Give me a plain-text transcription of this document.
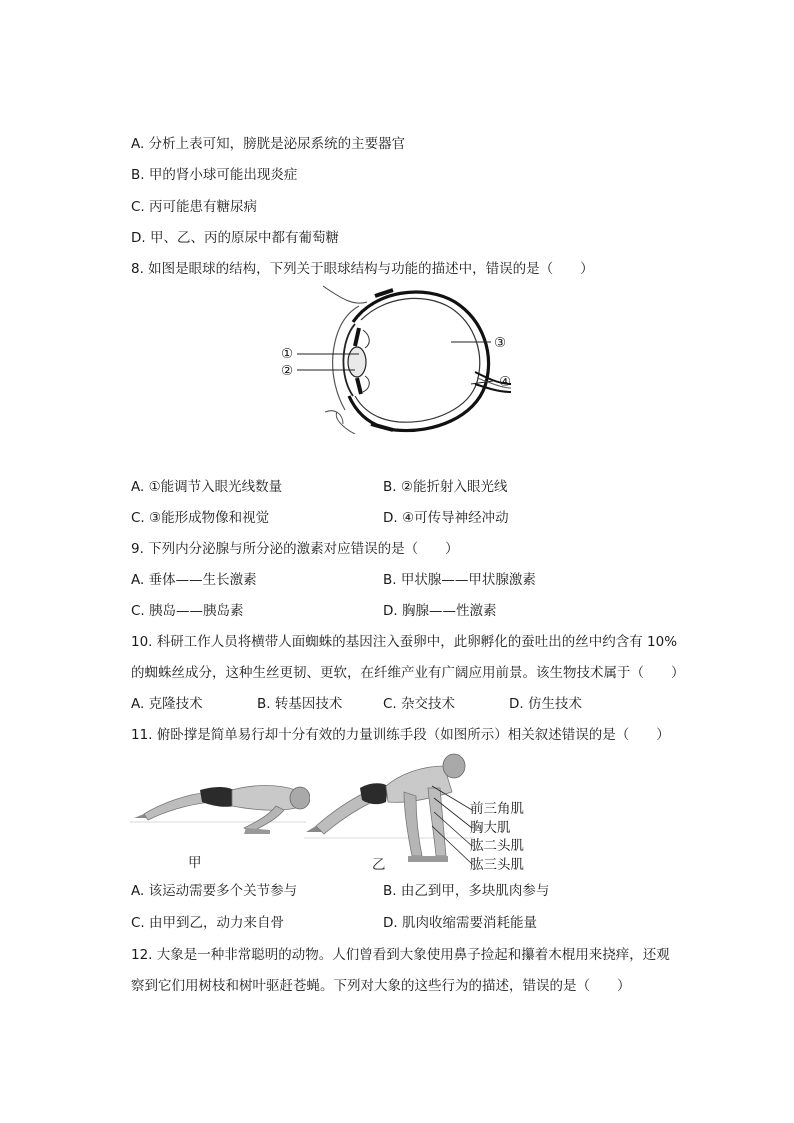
A. 分析上表可知，膀胱是泌尿系统的主要器官
B. 甲的肾小球可能出现炎症
C. 丙可能患有糖尿病
D. 甲、乙、丙的原尿中都有葡萄糖
8. 如图是眼球的结构，下列关于眼球结构与功能的描述中，错误的是（　　）
①
②
③
④
A. ①能调节入眼光线数量	B. ②能折射入眼光线
C. ③能形成物像和视觉	D. ④可传导神经冲动
9. 下列内分泌腺与所分泌的激素对应错误的是（　　）
A. 垂体——生长激素	B. 甲状腺——甲状腺激素
C. 胰岛——胰岛素	D. 胸腺——性激素
10. 科研工作人员将横带人面蜘蛛的基因注入蚕卵中，此卵孵化的蚕吐出的丝中约含有 10%
的蜘蛛丝成分，这种生丝更韧、更软，在纤维产业有广阔应用前景。该生物技术属于（　　）
A. 克隆技术	B. 转基因技术	C. 杂交技术	D. 仿生技术
11. 俯卧撑是简单易行却十分有效的力量训练手段（如图所示）相关叙述错误的是（　　）
前三角肌
胸大肌
肱二头肌
肱三头肌
甲	乙
A. 该运动需要多个关节参与	B. 由乙到甲，多块肌肉参与
C. 由甲到乙，动力来自骨	D. 肌肉收缩需要消耗能量
12. 大象是一种非常聪明的动物。人们曾看到大象使用鼻子捡起和攥着木棍用来挠痒，还观
察到它们用树枝和树叶驱赶苍蝇。下列对大象的这些行为的描述，错误的是（　　）
